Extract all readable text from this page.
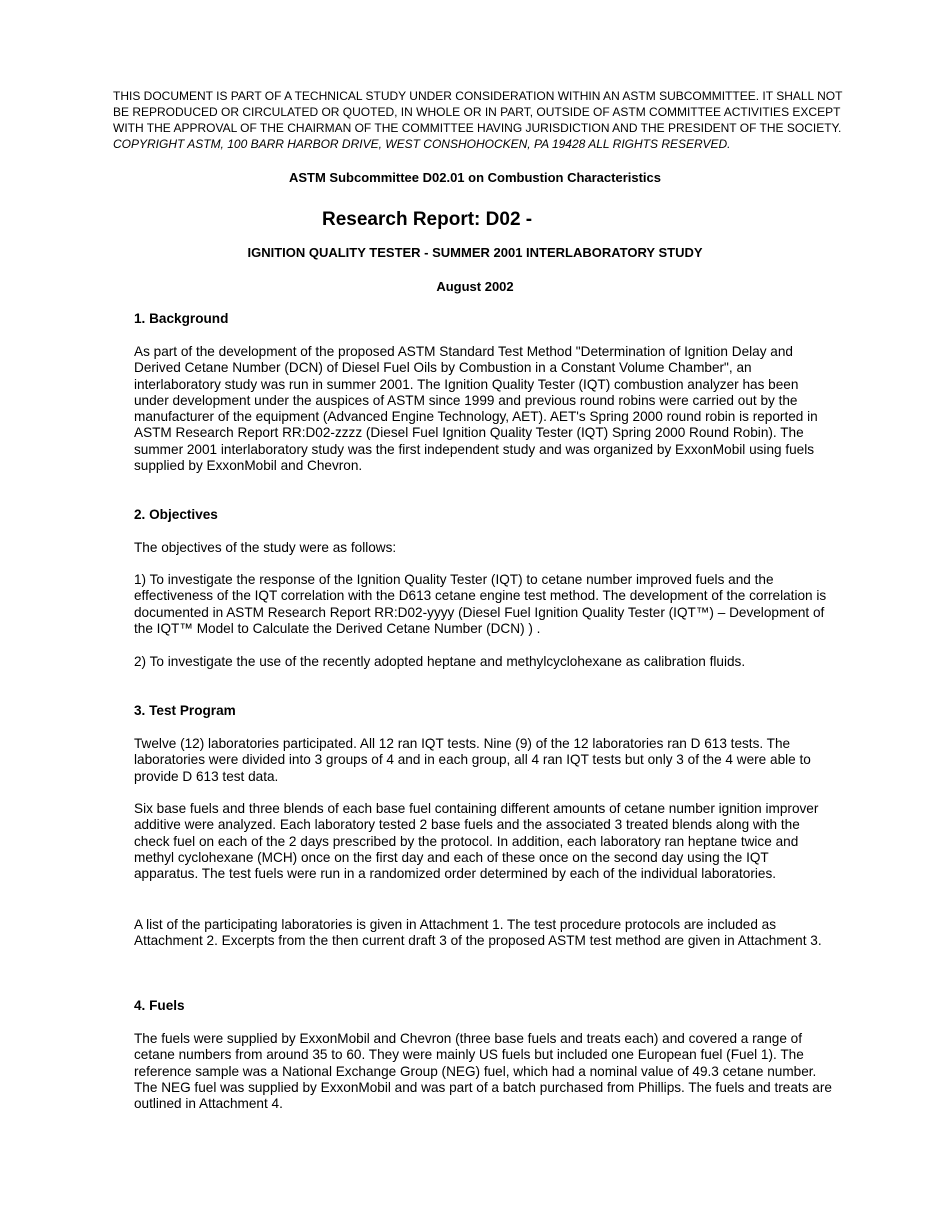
THIS DOCUMENT IS PART OF A TECHNICAL STUDY UNDER CONSIDERATION WITHIN AN ASTM SUBCOMMITTEE. IT SHALL NOT BE REPRODUCED OR CIRCULATED OR QUOTED, IN WHOLE OR IN PART, OUTSIDE OF ASTM COMMITTEE ACTIVITIES EXCEPT WITH THE APPROVAL OF THE CHAIRMAN OF THE COMMITTEE HAVING JURISDICTION AND THE PRESIDENT OF THE SOCIETY.

COPYRIGHT ASTM, 100 BARR HARBOR DRIVE, WEST CONSHOHOCKEN, PA 19428 ALL RIGHTS RESERVED.

ASTM Subcommittee D02.01 on Combustion Characteristics
Research Report: D02 -
IGNITION QUALITY TESTER - SUMMER 2001 INTERLABORATORY STUDY
August 2002

1. Background

As part of the development of the proposed ASTM Standard Test Method "Determination of Ignition Delay and Derived Cetane Number (DCN) of Diesel Fuel Oils by Combustion in a Constant Volume Chamber", an interlaboratory study was run in summer 2001. The Ignition Quality Tester (IQT) combustion analyzer has been under development under the auspices of ASTM since 1999 and previous round robins were carried out by the manufacturer of the equipment (Advanced Engine Technology, AET). AET's Spring 2000 round robin is reported in ASTM Research Report RR:D02-zzzz (Diesel Fuel Ignition Quality Tester (IQT) Spring 2000 Round Robin). The summer 2001 interlaboratory study was the first independent study and was organized by ExxonMobil using fuels supplied by ExxonMobil and Chevron.

2. Objectives

The objectives of the study were as follows:

1) To investigate the response of the Ignition Quality Tester (IQT) to cetane number improved fuels and the effectiveness of the IQT correlation with the D613 cetane engine test method. The development of the correlation is documented in ASTM Research Report RR:D02-yyyy (Diesel Fuel Ignition Quality Tester (IQT™) – Development of the IQT™ Model to Calculate the Derived Cetane Number (DCN) ) .

2) To investigate the use of the recently adopted heptane and methylcyclohexane as calibration fluids.

3. Test Program

Twelve (12) laboratories participated. All 12 ran IQT tests. Nine (9) of the 12 laboratories ran D 613 tests. The laboratories were divided into 3 groups of 4 and in each group, all 4 ran IQT tests but only 3 of the 4 were able to provide D 613 test data.

Six base fuels and three blends of each base fuel containing different amounts of cetane number ignition improver additive were analyzed. Each laboratory tested 2 base fuels and the associated 3 treated blends along with the check fuel on each of the 2 days prescribed by the protocol. In addition, each laboratory ran heptane twice and methyl cyclohexane (MCH) once on the first day and each of these once on the second day using the IQT apparatus. The test fuels were run in a randomized order determined by each of the individual laboratories.

A list of the participating laboratories is given in Attachment 1. The test procedure protocols are included as Attachment 2. Excerpts from the then current draft 3 of the proposed ASTM test method are given in Attachment 3.

4. Fuels

The fuels were supplied by ExxonMobil and Chevron (three base fuels and treats each) and covered a range of cetane numbers from around 35 to 60. They were mainly US fuels but included one European fuel (Fuel 1). The reference sample was a National Exchange Group (NEG) fuel, which had a nominal value of 49.3 cetane number. The NEG fuel was supplied by ExxonMobil and was part of a batch purchased from Phillips. The fuels and treats are outlined in Attachment 4.
